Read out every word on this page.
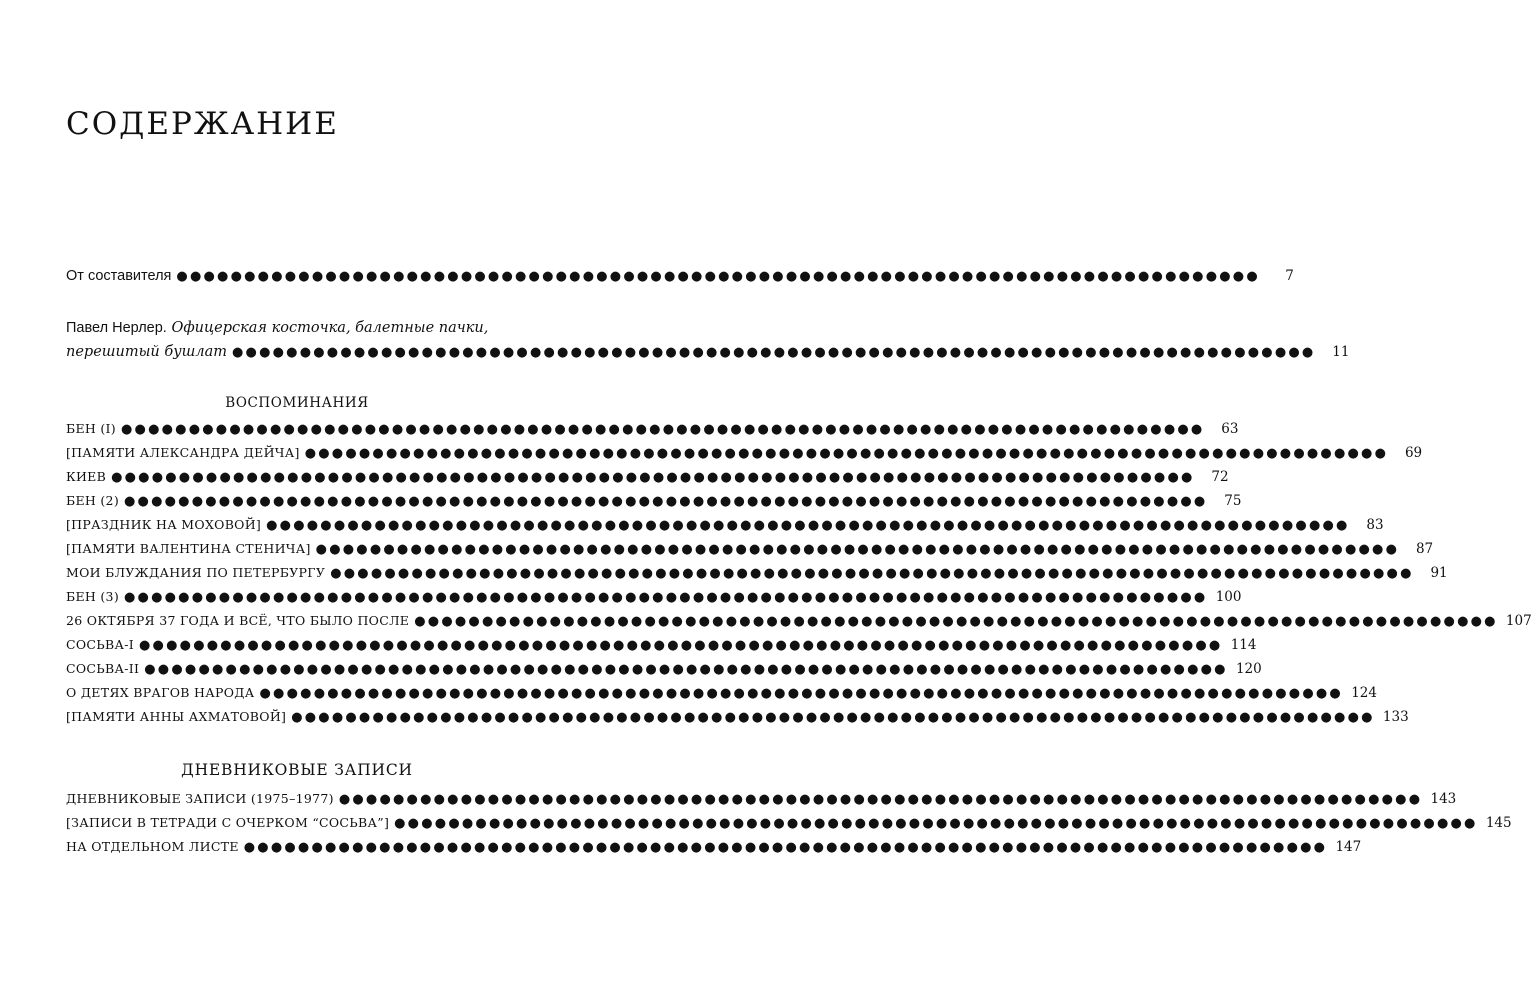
СОДЕРЖАНИЕ
От составителя ●●●●●●●●●●●●●●●●●●●●●●●●●●●●●●●●●●●●●●●●●●●●●●●●●●●●●●●●●●●●●●●●●●●●●●●●●●●●●●●●	7
Павел Нерлер. Офицерская косточка, балетные пачки,
перешитый бушлат ●●●●●●●●●●●●●●●●●●●●●●●●●●●●●●●●●●●●●●●●●●●●●●●●●●●●●●●●●●●●●●●●●●●●●●●●●●●●●●●●	11
ВОСПОМИНАНИЯ
БЕН (I) ●●●●●●●●●●●●●●●●●●●●●●●●●●●●●●●●●●●●●●●●●●●●●●●●●●●●●●●●●●●●●●●●●●●●●●●●●●●●●●●●	63
[ПАМЯТИ АЛЕКСАНДРА ДЕЙЧА] ●●●●●●●●●●●●●●●●●●●●●●●●●●●●●●●●●●●●●●●●●●●●●●●●●●●●●●●●●●●●●●●●●●●●●●●●●●●●●●●●	69
КИЕВ ●●●●●●●●●●●●●●●●●●●●●●●●●●●●●●●●●●●●●●●●●●●●●●●●●●●●●●●●●●●●●●●●●●●●●●●●●●●●●●●●	72
БЕН (2) ●●●●●●●●●●●●●●●●●●●●●●●●●●●●●●●●●●●●●●●●●●●●●●●●●●●●●●●●●●●●●●●●●●●●●●●●●●●●●●●●	75
[ПРАЗДНИК НА МОХОВОЙ] ●●●●●●●●●●●●●●●●●●●●●●●●●●●●●●●●●●●●●●●●●●●●●●●●●●●●●●●●●●●●●●●●●●●●●●●●●●●●●●●●	83
[ПАМЯТИ ВАЛЕНТИНА СТЕНИЧА] ●●●●●●●●●●●●●●●●●●●●●●●●●●●●●●●●●●●●●●●●●●●●●●●●●●●●●●●●●●●●●●●●●●●●●●●●●●●●●●●●	87
МОИ БЛУЖДАНИЯ ПО ПЕТЕРБУРГУ ●●●●●●●●●●●●●●●●●●●●●●●●●●●●●●●●●●●●●●●●●●●●●●●●●●●●●●●●●●●●●●●●●●●●●●●●●●●●●●●●	91
БЕН (3) ●●●●●●●●●●●●●●●●●●●●●●●●●●●●●●●●●●●●●●●●●●●●●●●●●●●●●●●●●●●●●●●●●●●●●●●●●●●●●●●● 100
26 ОКТЯБРЯ 37 ГОДА И ВСЁ, ЧТО БЫЛО ПОСЛЕ ●●●●●●●●●●●●●●●●●●●●●●●●●●●●●●●●●●●●●●●●●●●●●●●●●●●●●●●●●●●●●●●●●●●●●●●●●●●●●●●● 107
СОСЬВА-I ●●●●●●●●●●●●●●●●●●●●●●●●●●●●●●●●●●●●●●●●●●●●●●●●●●●●●●●●●●●●●●●●●●●●●●●●●●●●●●●● 114
СОСЬВА-II ●●●●●●●●●●●●●●●●●●●●●●●●●●●●●●●●●●●●●●●●●●●●●●●●●●●●●●●●●●●●●●●●●●●●●●●●●●●●●●●● 120
О ДЕТЯХ ВРАГОВ НАРОДА ●●●●●●●●●●●●●●●●●●●●●●●●●●●●●●●●●●●●●●●●●●●●●●●●●●●●●●●●●●●●●●●●●●●●●●●●●●●●●●●● 124
[ПАМЯТИ АННЫ АХМАТОВОЙ] ●●●●●●●●●●●●●●●●●●●●●●●●●●●●●●●●●●●●●●●●●●●●●●●●●●●●●●●●●●●●●●●●●●●●●●●●●●●●●●●● 133
ДНЕВНИКОВЫЕ ЗАПИСИ
ДНЕВНИКОВЫЕ ЗАПИСИ (1975–1977) ●●●●●●●●●●●●●●●●●●●●●●●●●●●●●●●●●●●●●●●●●●●●●●●●●●●●●●●●●●●●●●●●●●●●●●●●●●●●●●●● 143
[ЗАПИСИ В ТЕТРАДИ С ОЧЕРКОМ “СОСЬВА”] ●●●●●●●●●●●●●●●●●●●●●●●●●●●●●●●●●●●●●●●●●●●●●●●●●●●●●●●●●●●●●●●●●●●●●●●●●●●●●●●● 145
НА ОТДЕЛЬНОМ ЛИСТЕ ●●●●●●●●●●●●●●●●●●●●●●●●●●●●●●●●●●●●●●●●●●●●●●●●●●●●●●●●●●●●●●●●●●●●●●●●●●●●●●●● 147
